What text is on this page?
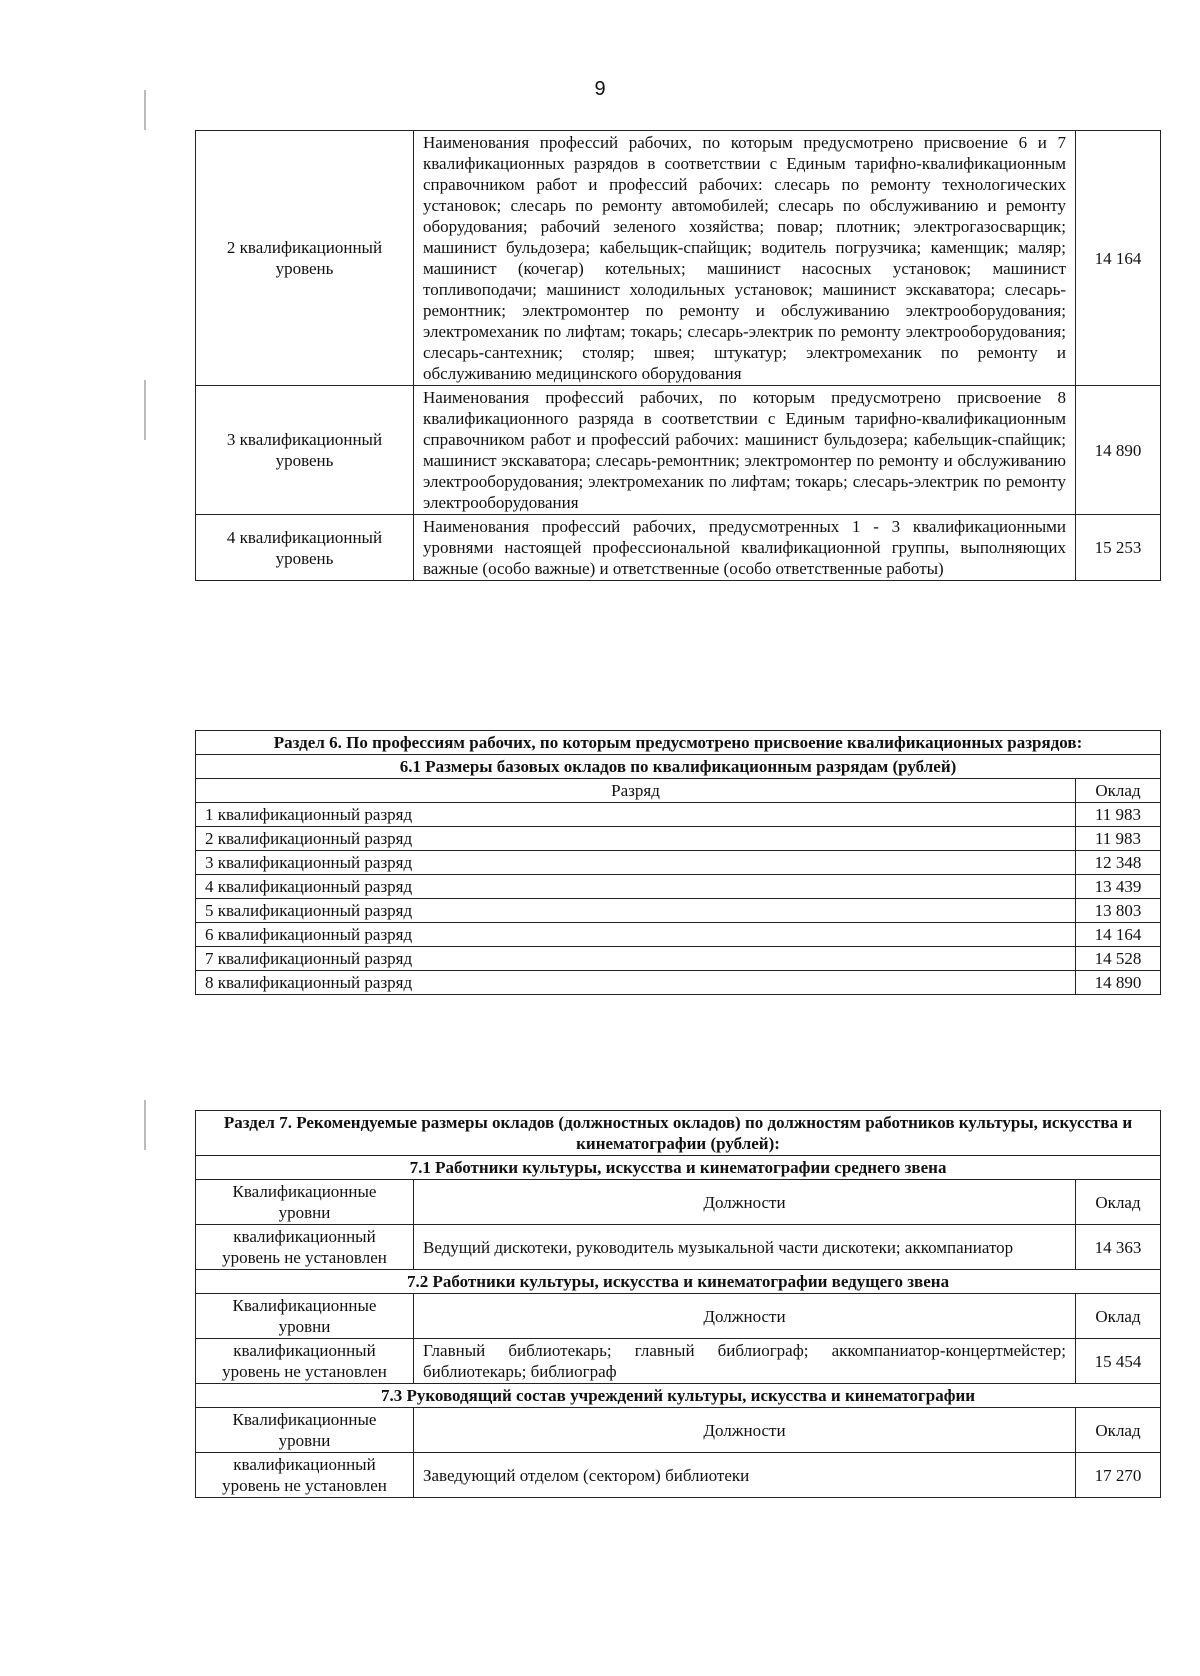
9
2 квалификационный уровень	Наименования профессий рабочих, по которым предусмотрено присвоение 6 и 7 квалификационных разрядов в соответствии с Единым тарифно-квалификационным справочником работ и профессий рабочих: слесарь по ремонту технологических установок; слесарь по ремонту автомобилей; слесарь по обслуживанию и ремонту оборудования; рабочий зеленого хозяйства; повар; плотник; электрогазосварщик; машинист бульдозера; кабельщик-спайщик; водитель погрузчика; каменщик; маляр; машинист (кочегар) котельных; машинист насосных установок; машинист топливоподачи; машинист холодильных установок; машинист экскаватора; слесарь-ремонтник; электромонтер по ремонту и обслуживанию электрооборудования; электромеханик по лифтам; токарь; слесарь-электрик по ремонту электрооборудования; слесарь-сантехник; столяр; швея; штукатур; электромеханик по ремонту и обслуживанию медицинского оборудования	14 164
3 квалификационный уровень	Наименования профессий рабочих, по которым предусмотрено присвоение 8 квалификационного разряда в соответствии с Единым тарифно-квалификационным справочником работ и профессий рабочих: машинист бульдозера; кабельщик-спайщик; машинист экскаватора; слесарь-ремонтник; электромонтер по ремонту и обслуживанию электрооборудования; электромеханик по лифтам; токарь; слесарь-электрик по ремонту электрооборудования	14 890
4 квалификационный уровень	Наименования профессий рабочих, предусмотренных 1 - 3 квалификационными уровнями настоящей профессиональной квалификационной группы, выполняющих важные (особо важные) и ответственные (особо ответственные работы)	15 253
Раздел 6. По профессиям рабочих, по которым предусмотрено присвоение квалификационных разрядов:	
6.1 Размеры базовых окладов по квалификационным разрядам (рублей)	
Разряд	Оклад
1 квалификационный разряд	11 983
2 квалификационный разряд	11 983
3 квалификационный разряд	12 348
4 квалификационный разряд	13 439
5 квалификационный разряд	13 803
6 квалификационный разряд	14 164
7 квалификационный разряд	14 528
8 квалификационный разряд	14 890
Раздел 7. Рекомендуемые размеры окладов (должностных окладов) по должностям работников культуры, искусства и кинематографии (рублей):		
7.1 Работники культуры, искусства и кинематографии среднего звена		
Квалификационные уровни	Должности	Оклад
квалификационный уровень не установлен	Ведущий дискотеки, руководитель музыкальной части дискотеки; аккомпаниатор	14 363
7.2 Работники культуры, искусства и кинематографии ведущего звена		
Квалификационные уровни	Должности	Оклад
квалификационный уровень не установлен	Главный библиотекарь; главный библиограф; аккомпаниатор-концертмейстер; библиотекарь; библиограф	15 454
7.3 Руководящий состав учреждений культуры, искусства и кинематографии		
Квалификационные уровни	Должности	Оклад
квалификационный уровень не установлен	Заведующий отделом (сектором) библиотеки	17 270
